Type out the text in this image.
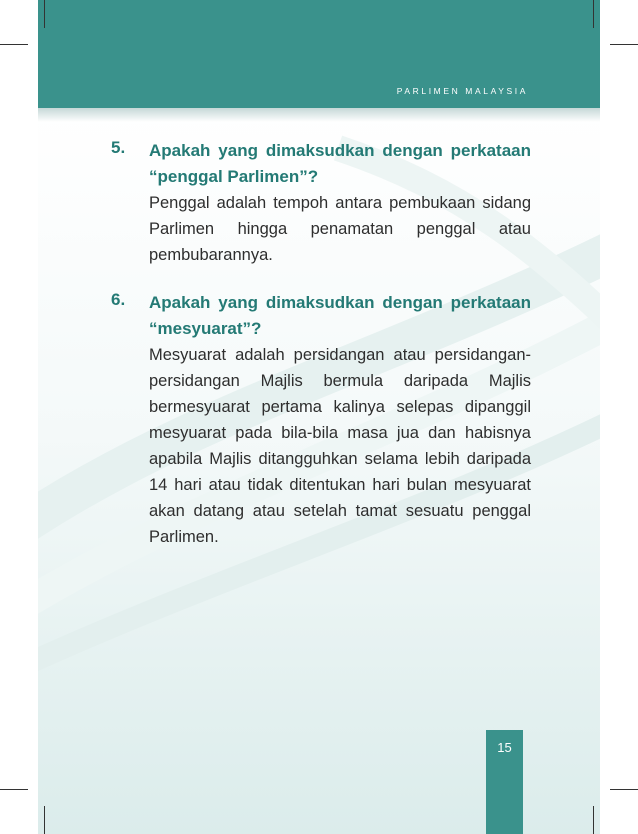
PARLIMEN MALAYSIA
5. Apakah yang dimaksudkan dengan perkataan “penggal Parlimen”?
Penggal adalah tempoh antara pembukaan sidang Parlimen hingga penamatan penggal atau pembubarannya.
6. Apakah yang dimaksudkan dengan perkataan “mesyuarat”?
Mesyuarat adalah persidangan atau persidangan-persidangan Majlis bermula daripada Majlis bermesyuarat pertama kalinya selepas dipanggil mesyuarat pada bila-bila masa jua dan habisnya apabila Majlis ditangguhkan selama lebih daripada 14 hari atau tidak ditentukan hari bulan mesyuarat akan datang atau setelah tamat sesuatu penggal Parlimen.
15
